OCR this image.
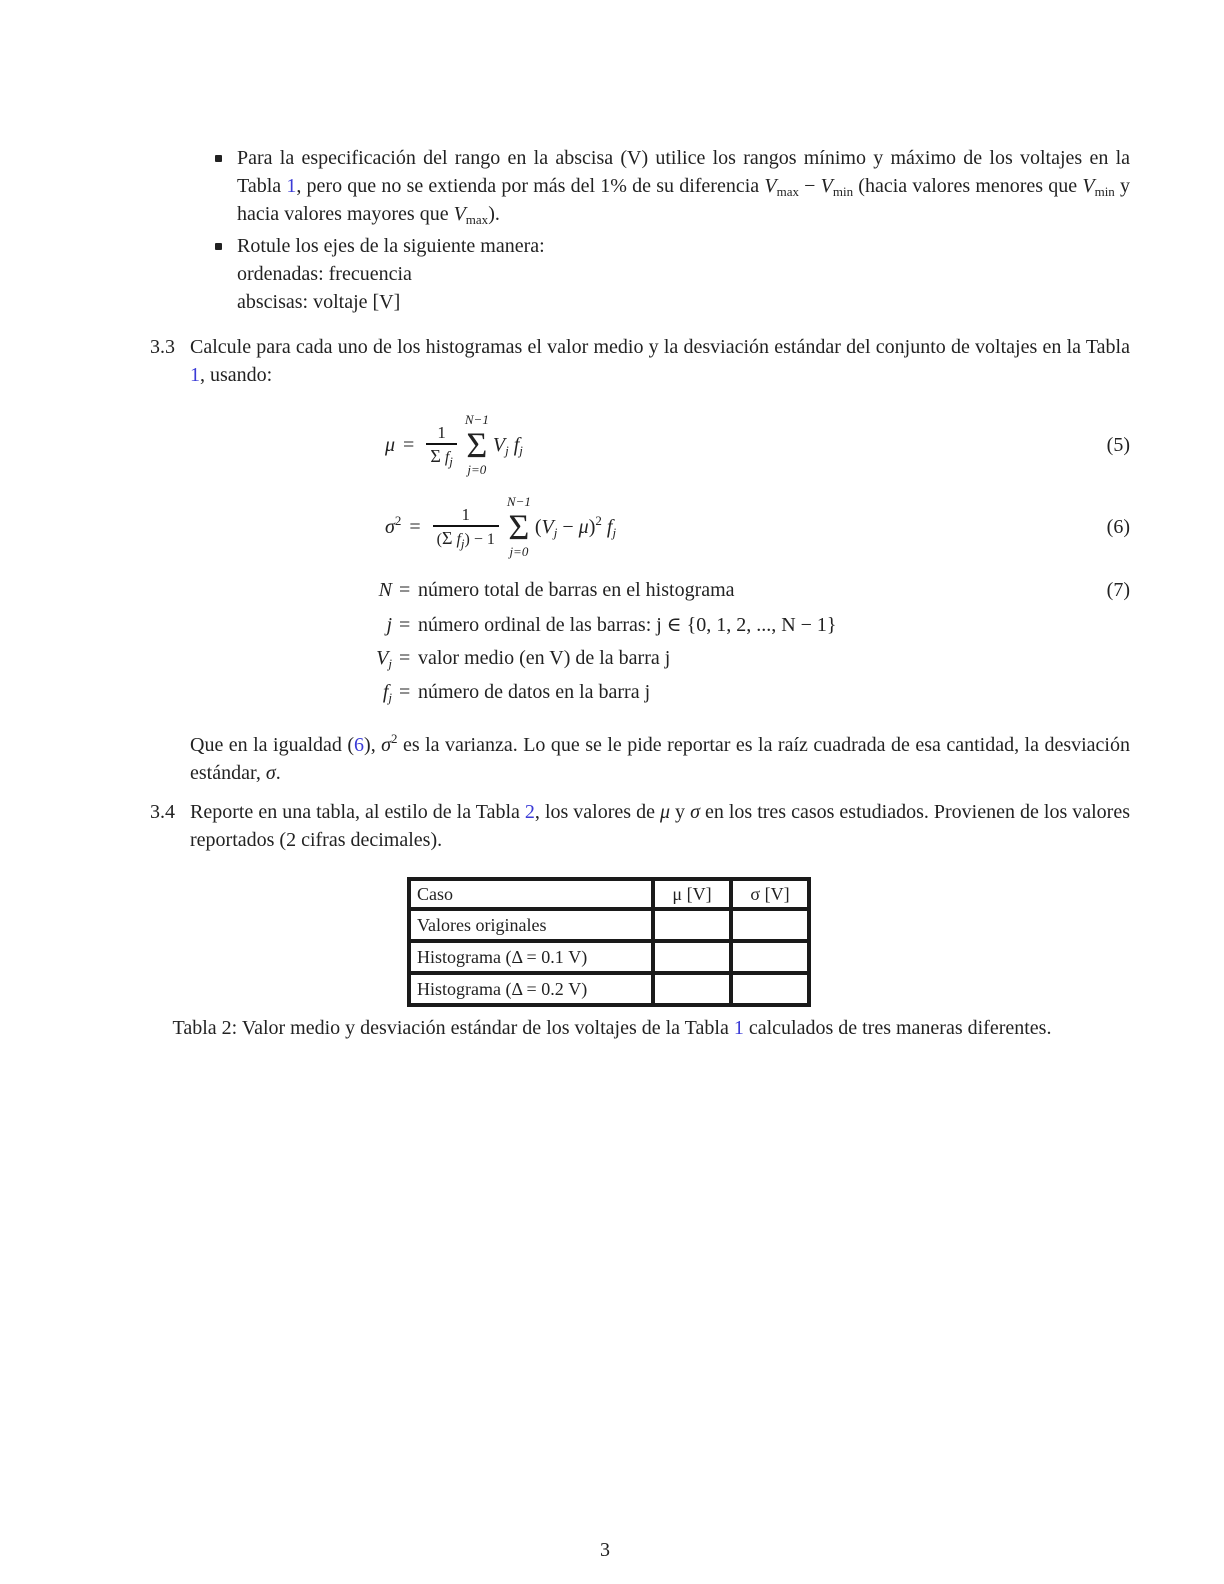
Para la especificación del rango en la abscisa (V) utilice los rangos mínimo y máximo de los voltajes en la Tabla 1, pero que no se extienda por más del 1% de su diferencia $V_{max} - V_{min}$ (hacia valores menores que $V_{min}$ y hacia valores mayores que $V_{max}$).
Rotule los ejes de la siguiente manera:
ordenadas: frecuencia
abscisas: voltaje [V]
3.3 Calcule para cada uno de los histogramas el valor medio y la desviación estándar del conjunto de voltajes en la Tabla 1, usando:
$\mu = \frac{1}{\Sigma f_j}$
N−1
Σ
j=0
$V_j$ $f_j$	(5)
$\sigma^2 = \frac{1}{(\Sigma f_j) - 1}$
N−1
Σ
j=0
$(V_j - \mu)^2$ $f_j$	(6)
N = número total de barras en el histograma	(7)
j = número ordinal de las barras: j ∈ {0, 1, 2, ..., N − 1}
$V_j$ = valor medio (en V) de la barra j
$f_j$ = número de datos en la barra j
Que en la igualdad (6), $\sigma^2$ es la varianza. Lo que se le pide reportar es la raíz cuadrada de esa cantidad, la desviación estándar, σ.
3.4 Reporte en una tabla, al estilo de la Tabla 2, los valores de μ y σ en los tres casos estudiados. Provienen de los valores reportados (2 cifras decimales).
Caso	μ [V]	σ [V]
Valores originales		
Histograma (Δ = 0.1 V)		
Histograma (Δ = 0.2 V)		
Tabla 2: Valor medio y desviación estándar de los voltajes de la Tabla 1 calculados de tres maneras diferentes.
3
